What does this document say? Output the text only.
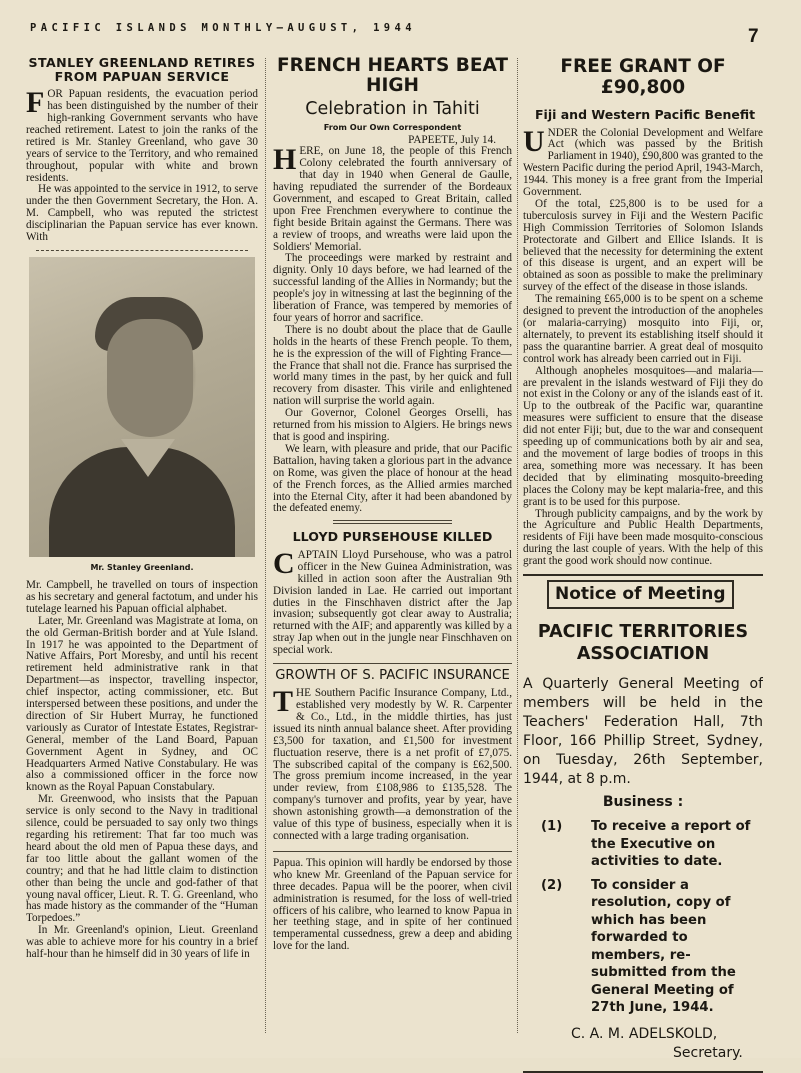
PACIFIC ISLANDS MONTHLY—AUGUST, 1944	7
STANLEY GREENLAND RETIRES FROM PAPUAN SERVICE

FOR Papuan residents, the evacuation period has been distinguished by the number of their high-ranking Government servants who have reached retirement. Latest to join the ranks of the retired is Mr. Stanley Greenland, who gave 30 years of service to the Territory, and who remained throughout, popular with white and brown residents.

He was appointed to the service in 1912, to serve under the then Government Secretary, the Hon. A. M. Campbell, who was reputed the strictest disciplinarian the Papuan service has ever known. With

Mr. Stanley Greenland.

Mr. Campbell, he travelled on tours of inspection as his secretary and general factotum, and under his tutelage learned his Papuan official alphabet.

Later, Mr. Greenland was Magistrate at Ioma, on the old German-British border and at Yule Island. In 1917 he was appointed to the Department of Native Affairs, Port Moresby, and until his recent retirement held administrative rank in that Department—as inspector, travelling inspector, chief inspector, acting commissioner, etc. But interspersed between these positions, and under the direction of Sir Hubert Murray, he functioned variously as Curator of Intestate Estates, Registrar-General, member of the Land Board, Papuan Government Agent in Sydney, and OC Headquarters Armed Native Constabulary. He was also a commissioned officer in the force now known as the Royal Papuan Constabulary.

Mr. Greenwood, who insists that the Papuan service is only second to the Navy in traditional silence, could be persuaded to say only two things regarding his retirement: That far too much was heard about the old men of Papua these days, and far too little about the gallant women of the country; and that he had little claim to distinction other than being the uncle and god-father of that young naval officer, Lieut. R. T. G. Greenland, who has made history as the commander of the “Human Torpedoes.”

In Mr. Greenland's opinion, Lieut. Greenland was able to achieve more for his country in a brief half-hour than he himself did in 30 years of life in

FRENCH HEARTS BEAT HIGH
Celebration in Tahiti
From Our Own Correspondent
PAPEETE, July 14.

HERE, on June 18, the people of this French Colony celebrated the fourth anniversary of that day in 1940 when General de Gaulle, having repudiated the surrender of the Bordeaux Government, and escaped to Great Britain, called upon Free Frenchmen everywhere to continue the fight beside Britain against the Germans. There was a review of troops, and wreaths were laid upon the Soldiers' Memorial.

The proceedings were marked by restraint and dignity. Only 10 days before, we had learned of the successful landing of the Allies in Normandy; but the people's joy in witnessing at last the beginning of the liberation of France, was tempered by memories of four years of horror and sacrifice.

There is no doubt about the place that de Gaulle holds in the hearts of these French people. To them, he is the expression of the will of Fighting France—the France that shall not die. France has surprised the world many times in the past, by her quick and full recovery from disaster. This virile and enlightened nation will surprise the world again.

Our Governor, Colonel Georges Orselli, has returned from his mission to Algiers. He brings news that is good and inspiring.

We learn, with pleasure and pride, that our Pacific Battalion, having taken a glorious part in the advance on Rome, was given the place of honour at the head of the French forces, as the Allied armies marched into the Eternal City, after it had been abandoned by the defeated enemy.

LLOYD PURSEHOUSE KILLED

CAPTAIN Lloyd Pursehouse, who was a patrol officer in the New Guinea Administration, was killed in action soon after the Australian 9th Division landed in Lae. He carried out important duties in the Finschhaven district after the Jap invasion; subsequently got clear away to Australia; returned with the AIF; and apparently was killed by a stray Jap when out in the jungle near Finschhaven on special work.

GROWTH OF S. PACIFIC INSURANCE

THE Southern Pacific Insurance Company, Ltd., established very modestly by W. R. Carpenter & Co., Ltd., in the middle thirties, has just issued its ninth annual balance sheet. After providing £3,500 for taxation, and £1,500 for investment fluctuation reserve, there is a net profit of £7,075. The subscribed capital of the company is £62,500. The gross premium income increased, in the year under review, from £108,986 to £135,528. The company's turnover and profits, year by year, have shown astonishing growth—a demonstration of the value of this type of business, especially when it is connected with a large trading organisation.

Papua. This opinion will hardly be endorsed by those who knew Mr. Greenland of the Papuan service for three decades. Papua will be the poorer, when civil administration is resumed, for the loss of well-tried officers of his calibre, who learned to know Papua in her teething stage, and in spite of her continued temperamental cussedness, grew a deep and abiding love for the land.

FREE GRANT OF £90,800
Fiji and Western Pacific Benefit

UNDER the Colonial Development and Welfare Act (which was passed by the British Parliament in 1940), £90,800 was granted to the Western Pacific during the period April, 1943-March, 1944. This money is a free grant from the Imperial Government.

Of the total, £25,800 is to be used for a tuberculosis survey in Fiji and the Western Pacific High Commission Territories of Solomon Islands Protectorate and Gilbert and Ellice Islands. It is believed that the necessity for determining the extent of this disease is urgent, and an expert will be obtained as soon as possible to make the preliminary survey of the effect of the disease in those islands.

The remaining £65,000 is to be spent on a scheme designed to prevent the introduction of the anopheles (or malaria-carrying) mosquito into Fiji, or, alternately, to prevent its establishing itself should it pass the quarantine barrier. A great deal of mosquito control work has already been carried out in Fiji.

Although anopheles mosquitoes—and malaria—are prevalent in the islands westward of Fiji they do not exist in the Colony or any of the islands east of it. Up to the outbreak of the Pacific war, quarantine measures were sufficient to ensure that the disease did not enter Fiji; but, due to the war and consequent speeding up of communications both by air and sea, and the movement of large bodies of troops in this area, something more was necessary. It has been decided that by eliminating mosquito-breeding places the Colony may be kept malaria-free, and this grant is to be used for this purpose.

Through publicity campaigns, and by the work by the Agriculture and Public Health Departments, residents of Fiji have been made mosquito-conscious during the last couple of years. With the help of this grant the good work should now continue.

Notice of Meeting
PACIFIC TERRITORIES ASSOCIATION

A Quarterly General Meeting of members will be held in the Teachers' Federation Hall, 7th Floor, 166 Phillip Street, Sydney, on Tuesday, 26th September, 1944, at 8 p.m.

Business :

(1)	To receive a report of the Executive on activities to date.
(2)	To consider a resolution, copy of which has been forwarded to members, re-submitted from the General Meeting of 27th June, 1944.
C. A. M. ADELSKOLD,
Secretary.
